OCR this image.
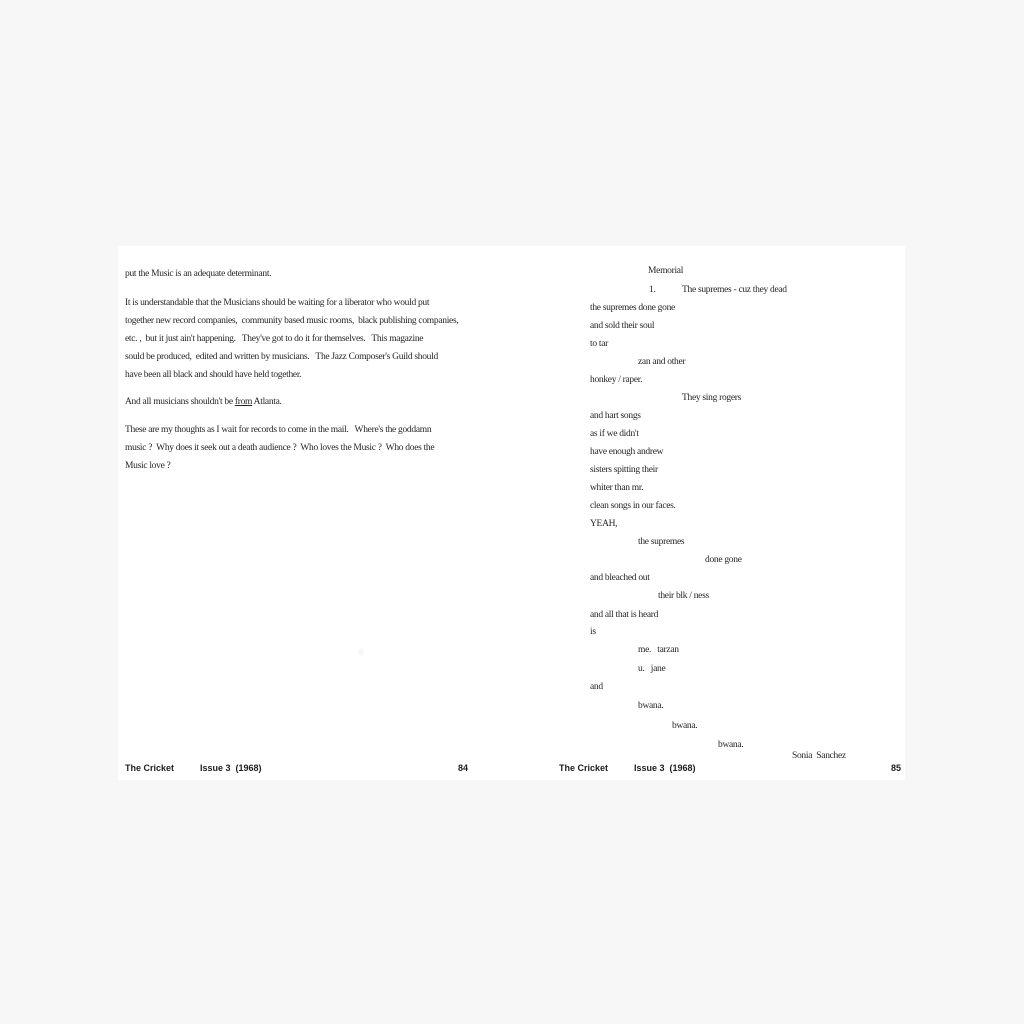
put the Music is an adequate determinant.
It is understandable that the Musicians should be waiting for a liberator who would put
together new record companies,  community based music rooms,  black publishing companies,
etc. ,  but it just ain't happening.   They've got to do it for themselves.   This magazine
sould be produced,  edited and written by musicians.   The Jazz Composer's Guild should
have been all black and should have held together.
And all musicians shouldn't be from Atlanta.
These are my thoughts as I wait for records to come in the mail.   Where's the goddamn
music ?  Why does it seek out a death audience ?  Who loves the Music ?  Who does the
Music love ?
The Cricket	Issue 3  (1968)	84
Memorial
1.	The supremes - cuz they dead
the supremes done gone
and sold their soul
to tar
zan and other
honkey / raper.
They sing rogers
and hart songs
as if we didn't
have enough andrew
sisters spitting their
whiter than mr.
clean songs in our faces.
YEAH,
the supremes
done gone
and bleached out
their blk / ness
and all that is heard
is
me.   tarzan
u.   jane
and
bwana.
bwana.
bwana.
Sonia  Sanchez
The Cricket	Issue 3  (1968)	85
